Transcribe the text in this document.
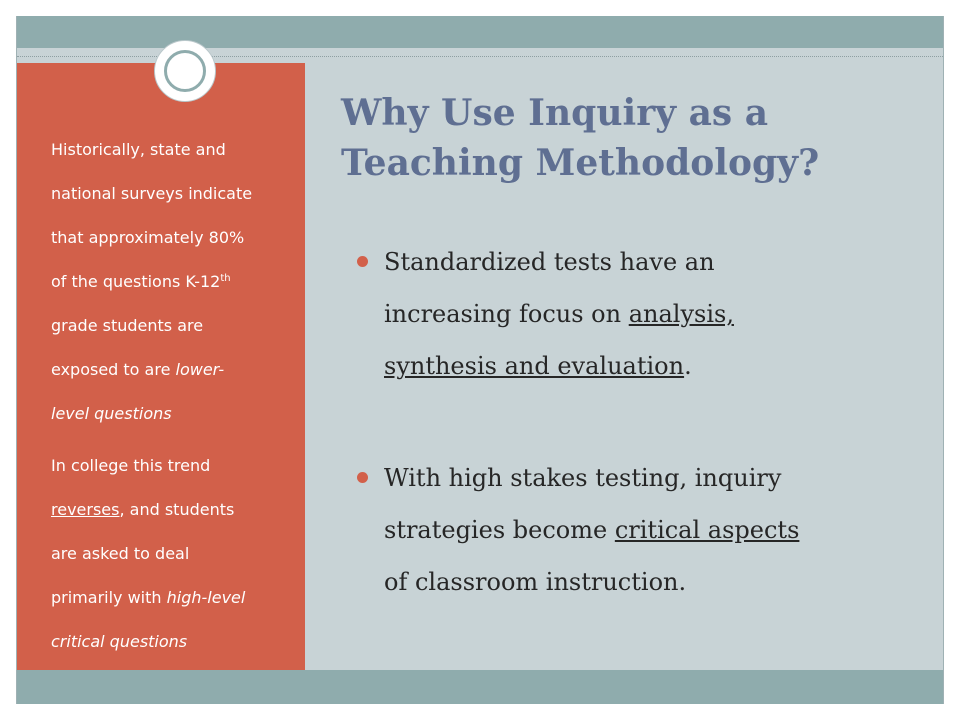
Historically, state and
national surveys indicate
that approximately 80%
of the questions K-12th
grade students are
exposed to are lower-
level questions

In college this trend
reverses, and students
are asked to deal
primarily with high-level
critical questions

Why Use Inquiry as a
Teaching Methodology?
Standardized tests have an
increasing focus on analysis,
synthesis and evaluation.
With high stakes testing, inquiry
strategies become critical aspects
of classroom instruction.
